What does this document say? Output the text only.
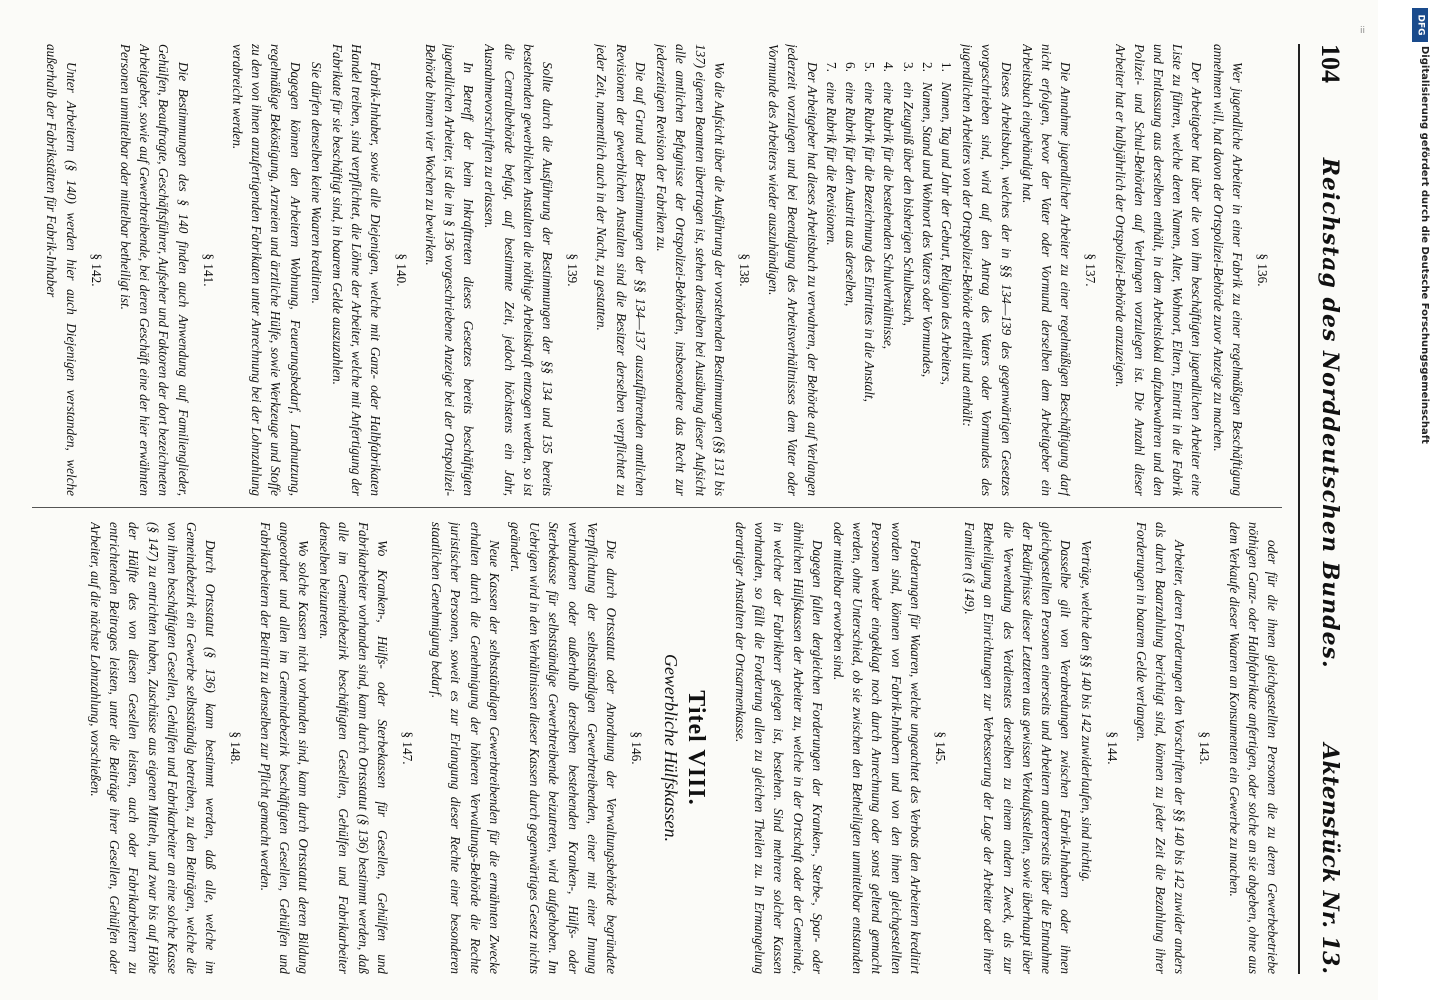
104
Reichstag des Norddeutschen Bundes.
Aktenstück Nr. 13.
§ 136.
Wer jugendliche Arbeiter in einer Fabrik zu einer regelmäßigen Beschäftigung annehmen will, hat davon der Ortspolizei-Behörde zuvor Anzeige zu machen.
Der Arbeitgeber hat über die von ihm beschäftigten jugendlichen Arbeiter eine Liste zu führen, welche deren Namen, Alter, Wohnort, Eltern, Eintritt in die Fabrik und Entlassung aus derselben enthält, in dem Arbeitslokal aufzubewahren und den Polizei- und Schul-Behörden auf Verlangen vorzulegen ist. Die Anzahl dieser Arbeiter hat er halbjährlich der Ortspolizei-Behörde anzuzeigen.
§ 137.
Die Annahme jugendlicher Arbeiter zu einer regelmäßigen Beschäftigung darf nicht erfolgen, bevor der Vater oder Vormund derselben dem Arbeitgeber ein Arbeitsbuch eingehändigt hat.
Dieses Arbeitsbuch, welches der in §§ 134—139 des gegenwärtigen Gesetzes vorgeschrieben sind, wird auf den Antrag des Vaters oder Vormundes des jugendlichen Arbeiters von der Ortspolizei-Behörde ertheilt und enthält:
1.Namen, Tag und Jahr der Geburt, Religion des Arbeiters,
2.Namen, Stand und Wohnort des Vaters oder Vormundes,
3.ein Zeugniß über den bisherigen Schulbesuch,
4.eine Rubrik für die bestehenden Schulverhältnisse,
5.eine Rubrik für die Bezeichnung des Eintrittes in die Anstalt,
6.eine Rubrik für den Austritt aus derselben,
7.eine Rubrik für die Revisionen.
Der Arbeitgeber hat dieses Arbeitsbuch zu verwahren, der Behörde auf Verlangen jederzeit vorzulegen und bei Beendigung des Arbeitsverhältnisses dem Vater oder Vormunde des Arbeiters wieder auszuhändigen.
§ 138.
Wo die Aufsicht über die Ausführung der vorstehenden Bestimmungen (§§ 131 bis 137) eigenen Beamten übertragen ist, stehen denselben bei Ausübung dieser Aufsicht alle amtlichen Befugnisse der Ortspolizei-Behörden, insbesondere das Recht zur jederzeitigen Revision der Fabriken zu.
Die auf Grund der Bestimmungen der §§ 134—137 auszuführenden amtlichen Revisionen der gewerblichen Anstalten sind die Besitzer derselben verpflichtet zu jeder Zeit, namentlich auch in der Nacht, zu gestatten.
§ 139.
Sollte durch die Ausführung der Bestimmungen der §§ 134 und 135 bereits bestehenden gewerblichen Anstalten die nöthige Arbeitskraft entzogen werden, so ist die Centralbehörde befugt, auf bestimmte Zeit, jedoch höchstens ein Jahr, Ausnahmevorschriften zu erlassen.
In Betreff der beim Inkrafttreten dieses Gesetzes bereits beschäftigten jugendlichen Arbeiter, ist die im § 136 vorgeschriebene Anzeige bei der Ortspolizei-Behörde binnen vier Wochen zu bewirken.
§ 140.
Fabrik-Inhaber, sowie alle Diejenigen, welche mit Ganz- oder Halbfabrikaten Handel treiben, sind verpflichtet, die Löhne der Arbeiter, welche mit Anfertigung der Fabrikate für sie beschäftigt sind, in baarem Gelde auszuzahlen.
Sie dürfen denselben keine Waaren kreditiren.
Dagegen können den Arbeitern Wohnung, Feuerungsbedarf, Landnutzung, regelmäßige Beköstigung, Arzneien und ärztliche Hülfe, sowie Werkzeuge und Stoffe zu den von ihnen anzufertigenden Fabrikaten unter Anrechnung bei der Lohnzahlung verabreicht werden.
§ 141.
Die Bestimmungen des § 140 finden auch Anwendung auf Familienglieder, Gehülfen, Beauftragte, Geschäftsführer, Aufseher und Faktoren der dort bezeichneten Arbeitgeber, sowie auf Gewerbtreibende, bei deren Geschäft eine der hier erwähnten Personen unmittelbar oder mittelbar betheiligt ist.
§ 142.
Unter Arbeitern (§ 140) werden hier auch Diejenigen verstanden, welche außerhalb der Fabrikstätten für Fabrik-Inhaber
oder für die ihnen gleichgestellten Personen die zu deren Gewerbebetriebe nöthigen Ganz- oder Halbfabrikate anfertigen, oder solche an sie abgeben, ohne aus dem Verkaufe dieser Waaren an Konsumenten ein Gewerbe zu machen.
§ 143.
Arbeiter, deren Forderungen den Vorschriften der §§ 140 bis 142 zuwider anders als durch Baarzahlung berichtigt sind, können zu jeder Zeit die Bezahlung ihrer Forderungen in baarem Gelde verlangen.
§ 144.
Verträge, welche den §§ 140 bis 142 zuwiderlaufen, sind nichtig.
Dasselbe gilt von Verabredungen zwischen Fabrik-Inhabern oder ihnen gleichgestellten Personen einerseits und Arbeitern andererseits über die Entnahme der Bedürfnisse dieser Letzteren aus gewissen Verkaufsstellen, sowie überhaupt über die Verwendung des Verdienstes derselben zu einem andern Zweck, als zur Betheiligung an Einrichtungen zur Verbesserung der Lage der Arbeiter oder ihrer Familien (§ 149).
§ 145.
Forderungen für Waaren, welche ungeachtet des Verbots den Arbeitern kreditirt worden sind, können von Fabrik-Inhabern und von den ihnen gleichgestellten Personen weder eingeklagt noch durch Anrechnung oder sonst geltend gemacht werden, ohne Unterschied, ob sie zwischen den Betheiligten unmittelbar entstanden oder mittelbar erworben sind.
Dagegen fallen dergleichen Forderungen der Kranken-, Sterbe-, Spar- oder ähnlichen Hülfskassen der Arbeiter zu, welche in der Ortschaft oder der Gemeinde, in welcher der Fabrikherr gelegen ist, bestehen. Sind mehrere solcher Kassen vorhanden, so fällt die Forderung allen zu gleichen Theilen zu. In Ermangelung derartiger Anstalten der Ortsarmenkasse.
Titel VIII.
Gewerbliche Hülfskassen.
§ 146.
Die durch Ortsstatut oder Anordnung der Verwaltungsbehörde begründete Verpflichtung der selbstständigen Gewerbtreibenden, einer mit einer Innung verbundenen oder außerhalb derselben bestehenden Kranken-, Hülfs- oder Sterbekasse für selbstständige Gewerbtreibende beizutreten, wird aufgehoben. Im Uebrigen wird in den Verhältnissen dieser Kassen durch gegenwärtiges Gesetz nichts geändert.
Neue Kassen der selbstständigen Gewerbtreibenden für die ermähnten Zwecke erhalten durch die Genehmigung der höheren Verwaltungs-Behörde die Rechte juristischer Personen, soweit es zur Erlangung dieser Rechte einer besonderen staatlichen Genehmigung bedarf.
§ 147.
Wo Kranken-, Hülfs- oder Sterbekassen für Gesellen, Gehülfen und Fabrikarbeiter vorhanden sind, kann durch Ortsstatut (§ 136) bestimmt werden, daß alle im Gemeindebezirk beschäftigten Gesellen, Gehülfen und Fabrikarbeiter denselben beizutreten.
Wo solche Kassen nicht vorhanden sind, kann durch Ortsstatut deren Bildung angeordnet und allen im Gemeindebezirk beschäftigten Gesellen, Gehülfen und Fabrikarbeitern der Beitritt zu denselben zur Pflicht gemacht werden.
§ 148.
Durch Ortsstatut (§ 136) kann bestimmt werden, daß alle, welche im Gemeindebezirk ein Gewerbe selbstständig betreiben, zu den Beiträgen, welche die von ihnen beschäftigten Gesellen, Gehülfen und Fabrikarbeiter an eine solche Kasse (§ 147) zu entrichten haben, Zuschüsse aus eigenen Mitteln, und zwar bis auf Höhe der Hälfte des von diesen Gesellen leisten, auch oder Fabrikarbeitern zu entrichtenden Beitrages leisten, unter die Beiträge ihrer Gesellen, Gehülfen oder Arbeiter, auf die nächste Lohnzahlung, vorschießen.
DFG
Digitalisierung gefördert durch die Deutsche Forschungsgemeinschaft
ii
